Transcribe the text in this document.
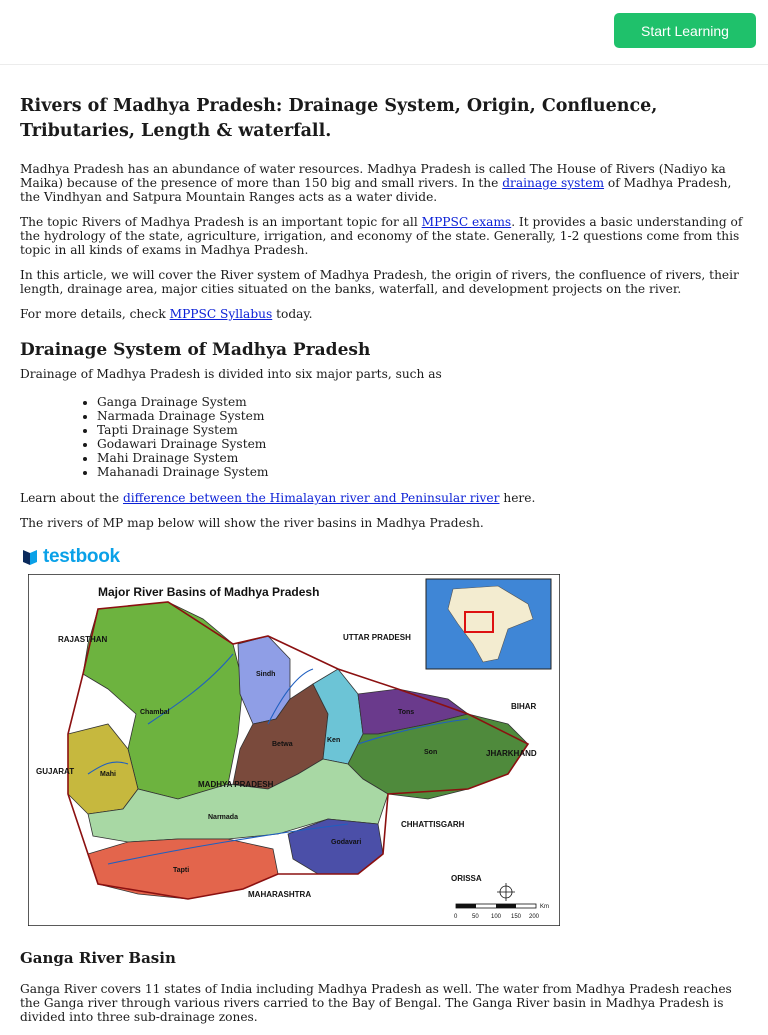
Start Learning
Rivers of Madhya Pradesh: Drainage System, Origin, Confluence, Tributaries, Length & waterfall.

Madhya Pradesh has an abundance of water resources. Madhya Pradesh is called The House of Rivers (Nadiyo ka Maika) because of the presence of more than 150 big and small rivers. In the drainage system of Madhya Pradesh, the Vindhyan and Satpura Mountain Ranges acts as a water divide.

The topic Rivers of Madhya Pradesh is an important topic for all MPPSC exams. It provides a basic understanding of the hydrology of the state, agriculture, irrigation, and economy of the state. Generally, 1-2 questions come from this topic in all kinds of exams in Madhya Pradesh.

In this article, we will cover the River system of Madhya Pradesh, the origin of rivers, the confluence of rivers, their length, drainage area, major cities situated on the banks, waterfall, and development projects on the river.

For more details, check MPPSC Syllabus today.

Drainage System of Madhya Pradesh

Drainage of Madhya Pradesh is divided into six major parts, such as

• Ganga Drainage System
• Narmada Drainage System
• Tapti Drainage System
• Godawari Drainage System
• Mahi Drainage System
• Mahanadi Drainage System

Learn about the difference between the Himalayan river and Peninsular river here.

The rivers of MP map below will show the river basins in Madhya Pradesh.

testbook
Major River Basins of Madhya Pradesh
RAJASTHAN	UTTAR PRADESH
BIHAR
JHARKHAND
GUJARAT
MADHYA PRADESH
CHHATTISGARH
ORISSA
MAHARASHTRA
Chambal
Sindh
Betwa
Ken
Tons
Son
Mahi
Narmada
Godavari
Tapti
0 50 100 150 200
Km
Ganga River Basin

Ganga River covers 11 states of India including Madhya Pradesh as well. The water from Madhya Pradesh reaches the Ganga river through various rivers carried to the Bay of Bengal. The Ganga River basin in Madhya Pradesh is divided into three sub-drainage zones.
